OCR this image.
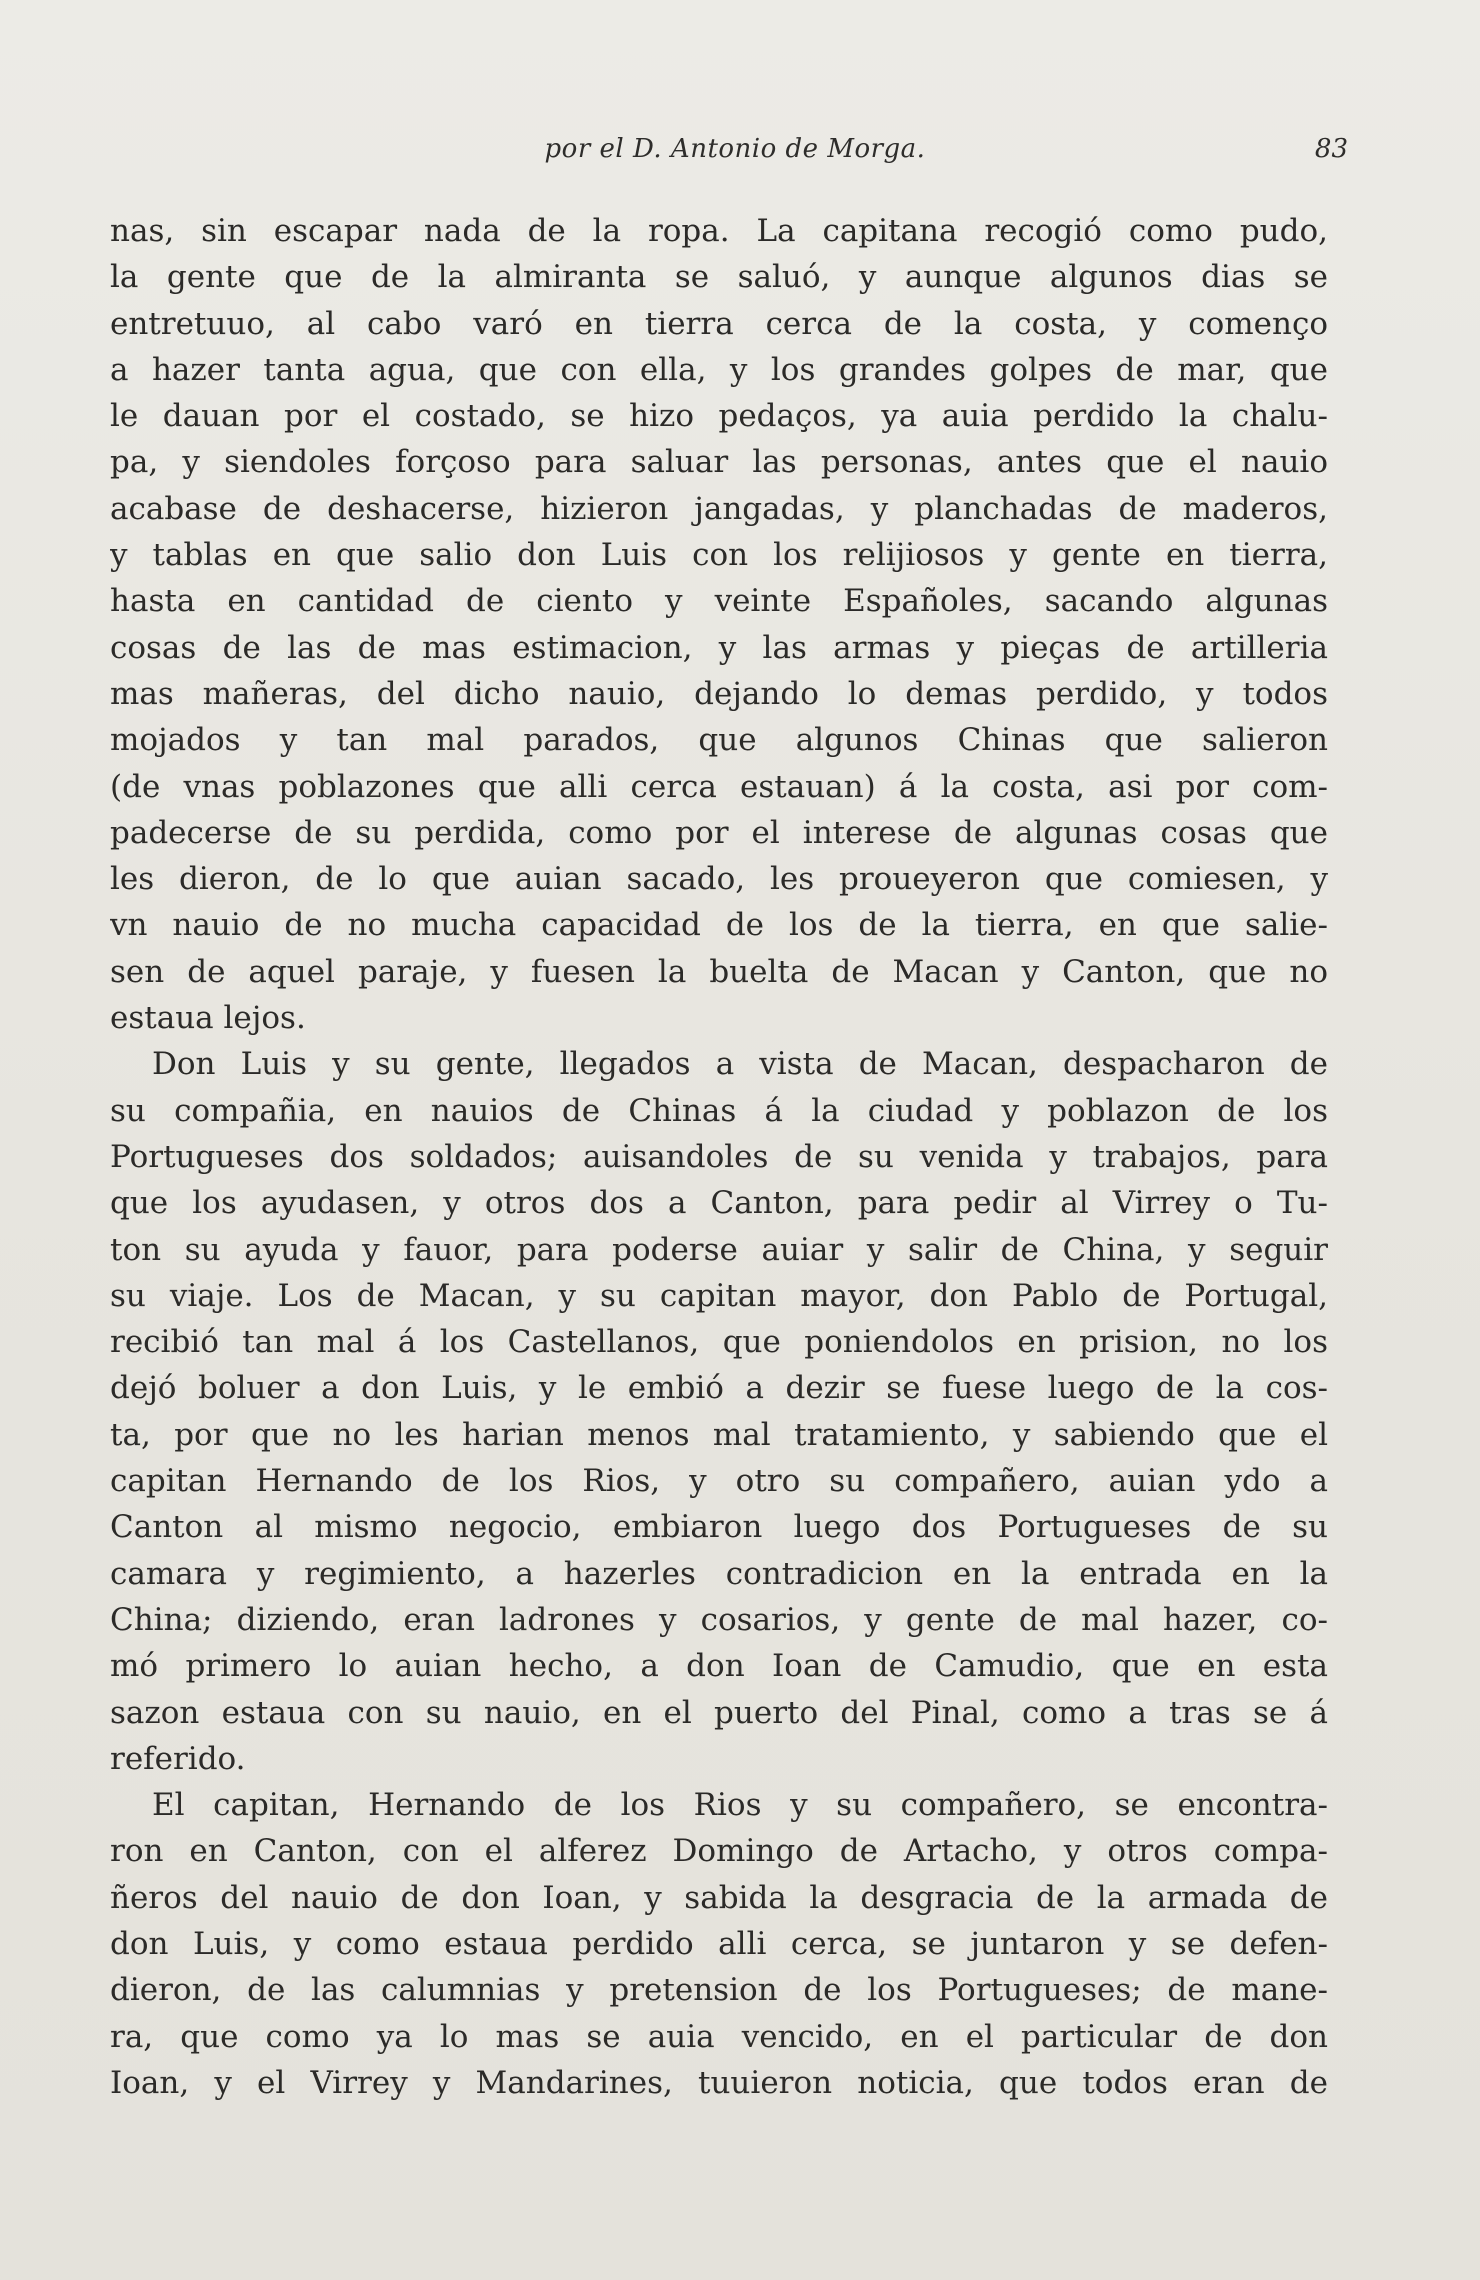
por el D. Antonio de Morga.	83
nas, sin escapar nada de la ropa. La capitana recogió como pudo,
la gente que de la almiranta se saluó, y aunque algunos dias se
entretuuo, al cabo varó en tierra cerca de la costa, y començo
a hazer tanta agua, que con ella, y los grandes golpes de mar, que
le dauan por el costado, se hizo pedaços, ya auia perdido la chalu-
pa, y siendoles forçoso para saluar las personas, antes que el nauio
acabase de deshacerse, hizieron jangadas, y planchadas de maderos,
y tablas en que salio don Luis con los relijiosos y gente en tierra,
hasta en cantidad de ciento y veinte Españoles, sacando algunas
cosas de las de mas estimacion, y las armas y pieças de artilleria
mas mañeras, del dicho nauio, dejando lo demas perdido, y todos
mojados y tan mal parados, que algunos Chinas que salieron
(de vnas poblazones que alli cerca estauan) á la costa, asi por com-
padecerse de su perdida, como por el interese de algunas cosas que
les dieron, de lo que auian sacado, les proueyeron que comiesen, y
vn nauio de no mucha capacidad de los de la tierra, en que salie-
sen de aquel paraje, y fuesen la buelta de Macan y Canton, que no
estaua lejos.
Don Luis y su gente, llegados a vista de Macan, despacharon de
su compañia, en nauios de Chinas á la ciudad y poblazon de los
Portugueses dos soldados; auisandoles de su venida y trabajos, para
que los ayudasen, y otros dos a Canton, para pedir al Virrey o Tu-
ton su ayuda y fauor, para poderse auiar y salir de China, y seguir
su viaje. Los de Macan, y su capitan mayor, don Pablo de Portugal,
recibió tan mal á los Castellanos, que poniendolos en prision, no los
dejó boluer a don Luis, y le embió a dezir se fuese luego de la cos-
ta, por que no les harian menos mal tratamiento, y sabiendo que el
capitan Hernando de los Rios, y otro su compañero, auian ydo a
Canton al mismo negocio, embiaron luego dos Portugueses de su
camara y regimiento, a hazerles contradicion en la entrada en la
China; diziendo, eran ladrones y cosarios, y gente de mal hazer, co-
mó primero lo auian hecho, a don Ioan de Camudio, que en esta
sazon estaua con su nauio, en el puerto del Pinal, como a tras se á
referido.
El capitan, Hernando de los Rios y su compañero, se encontra-
ron en Canton, con el alferez Domingo de Artacho, y otros compa-
ñeros del nauio de don Ioan, y sabida la desgracia de la armada de
don Luis, y como estaua perdido alli cerca, se juntaron y se defen-
dieron, de las calumnias y pretension de los Portugueses; de mane-
ra, que como ya lo mas se auia vencido, en el particular de don
Ioan, y el Virrey y Mandarines, tuuieron noticia, que todos eran de
